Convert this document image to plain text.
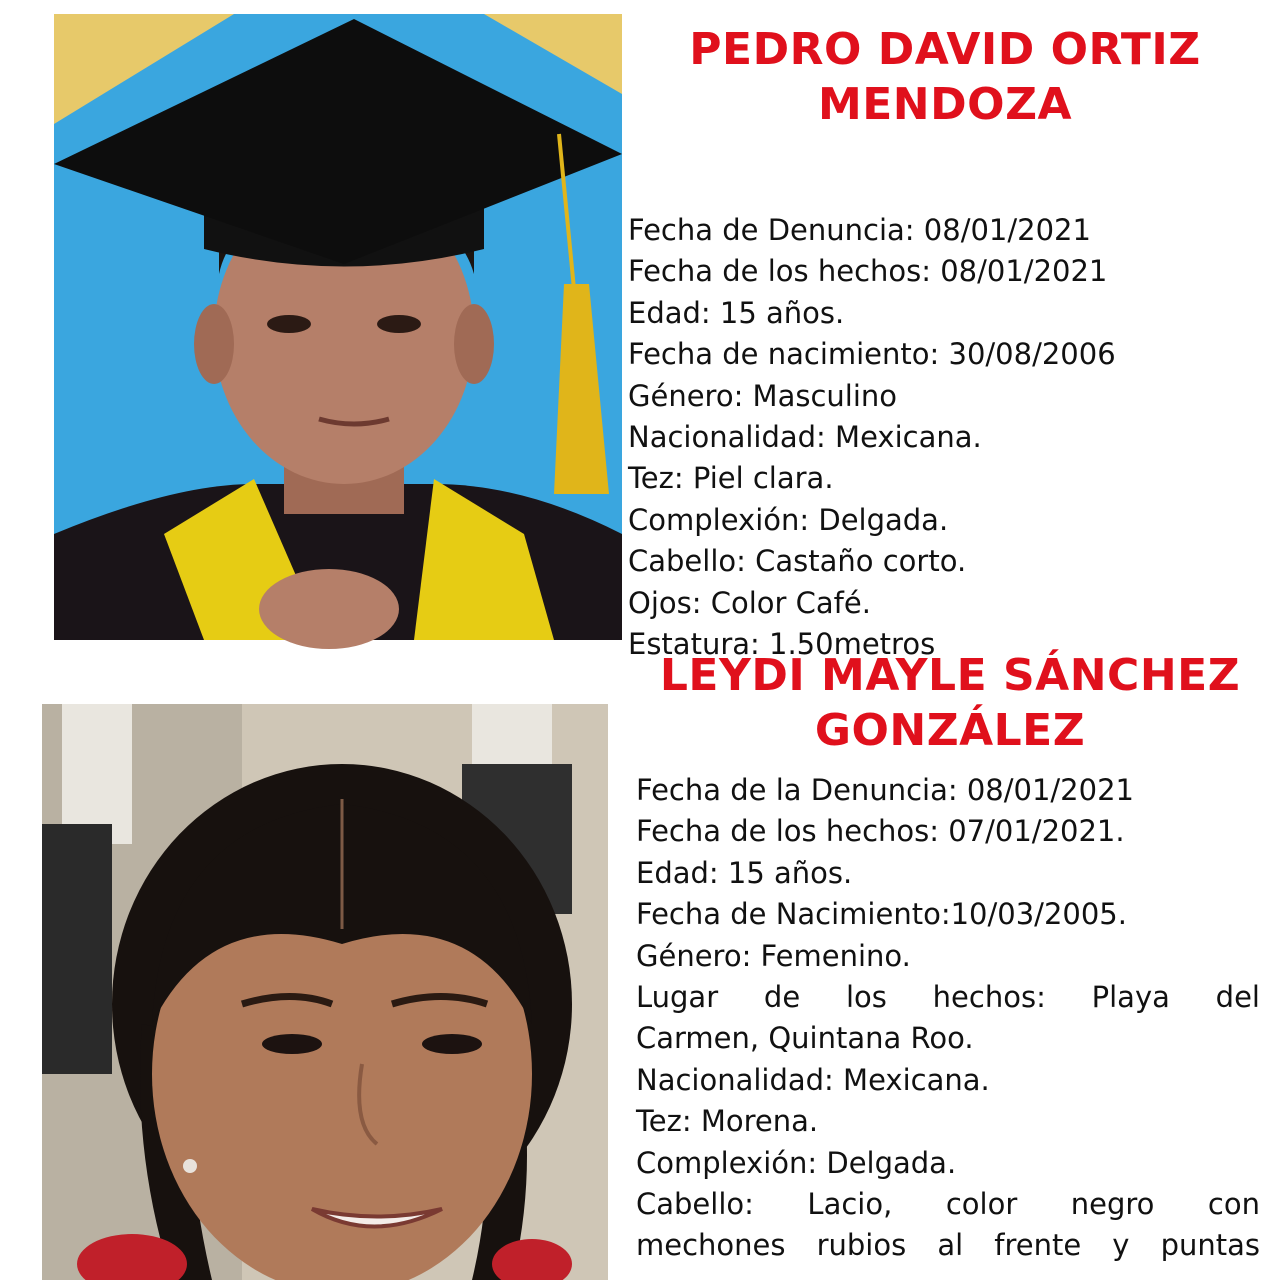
PEDRO DAVID ORTIZ
MENDOZA
Fecha de Denuncia: 08/01/2021
Fecha de los hechos: 08/01/2021
Edad: 15 años.
Fecha de nacimiento: 30/08/2006
Género: Masculino
Nacionalidad: Mexicana.
Tez: Piel clara.
Complexión: Delgada.
Cabello: Castaño corto.
Ojos: Color Café.
Estatura: 1.50metros
LEYDI MAYLE SÁNCHEZ
GONZÁLEZ
Fecha de la Denuncia: 08/01/2021
Fecha de los hechos: 07/01/2021.
Edad: 15 años.
Fecha de Nacimiento:10/03/2005.
Género: Femenino.
Lugar de los hechos: Playa del
Carmen, Quintana Roo.
Nacionalidad: Mexicana.
Tez: Morena.
Complexión: Delgada.
Cabello: Lacio, color negro con
mechones rubios al frente y puntas
